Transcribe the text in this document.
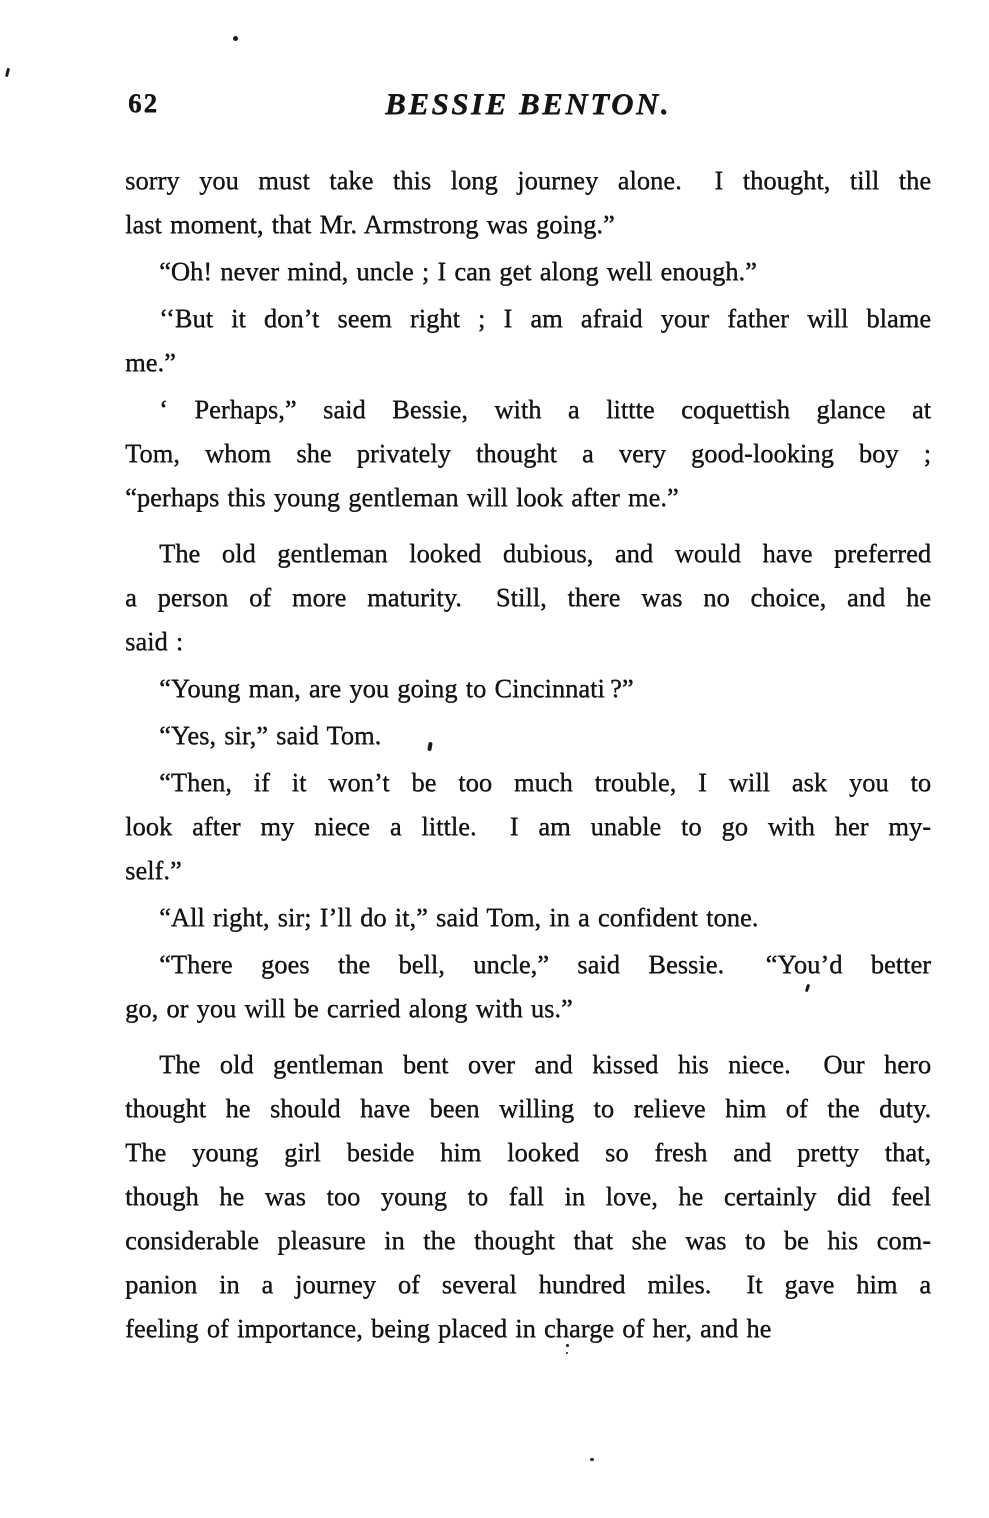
62	BESSIE BENTON.
sorry you must take this long journey alone.  I thought, till the
last moment, that Mr. Armstrong was going.”
“Oh! never mind, uncle ; I can get along well enough.”
‘‘But it don’t seem right ; I am afraid your father will blame
me.”
‘ Perhaps,” said Bessie, with a littte coquettish glance at
Tom, whom she privately thought a very good-looking boy ;
“perhaps this young gentleman will look after me.”
The old gentleman looked dubious, and would have preferred
a person of more maturity.  Still, there was no choice, and he
said :
“Young man, are you going to Cincinnati ?”
“Yes, sir,” said Tom.
“Then, if it won’t be too much trouble, I will ask you to
look after my niece a little.  I am unable to go with her my-
self.”
“All right, sir; I’ll do it,” said Tom, in a confident tone.
“There goes the bell, uncle,” said Bessie.  “You’d better
go, or you will be carried along with us.”
The old gentleman bent over and kissed his niece.  Our hero
thought he should have been willing to relieve him of the duty.
The young girl beside him looked so fresh and pretty that,
though he was too young to fall in love, he certainly did feel
considerable pleasure in the thought that she was to be his com-
panion in a journey of several hundred miles.  It gave him a
feeling of importance, being placed in charge of her, and he
